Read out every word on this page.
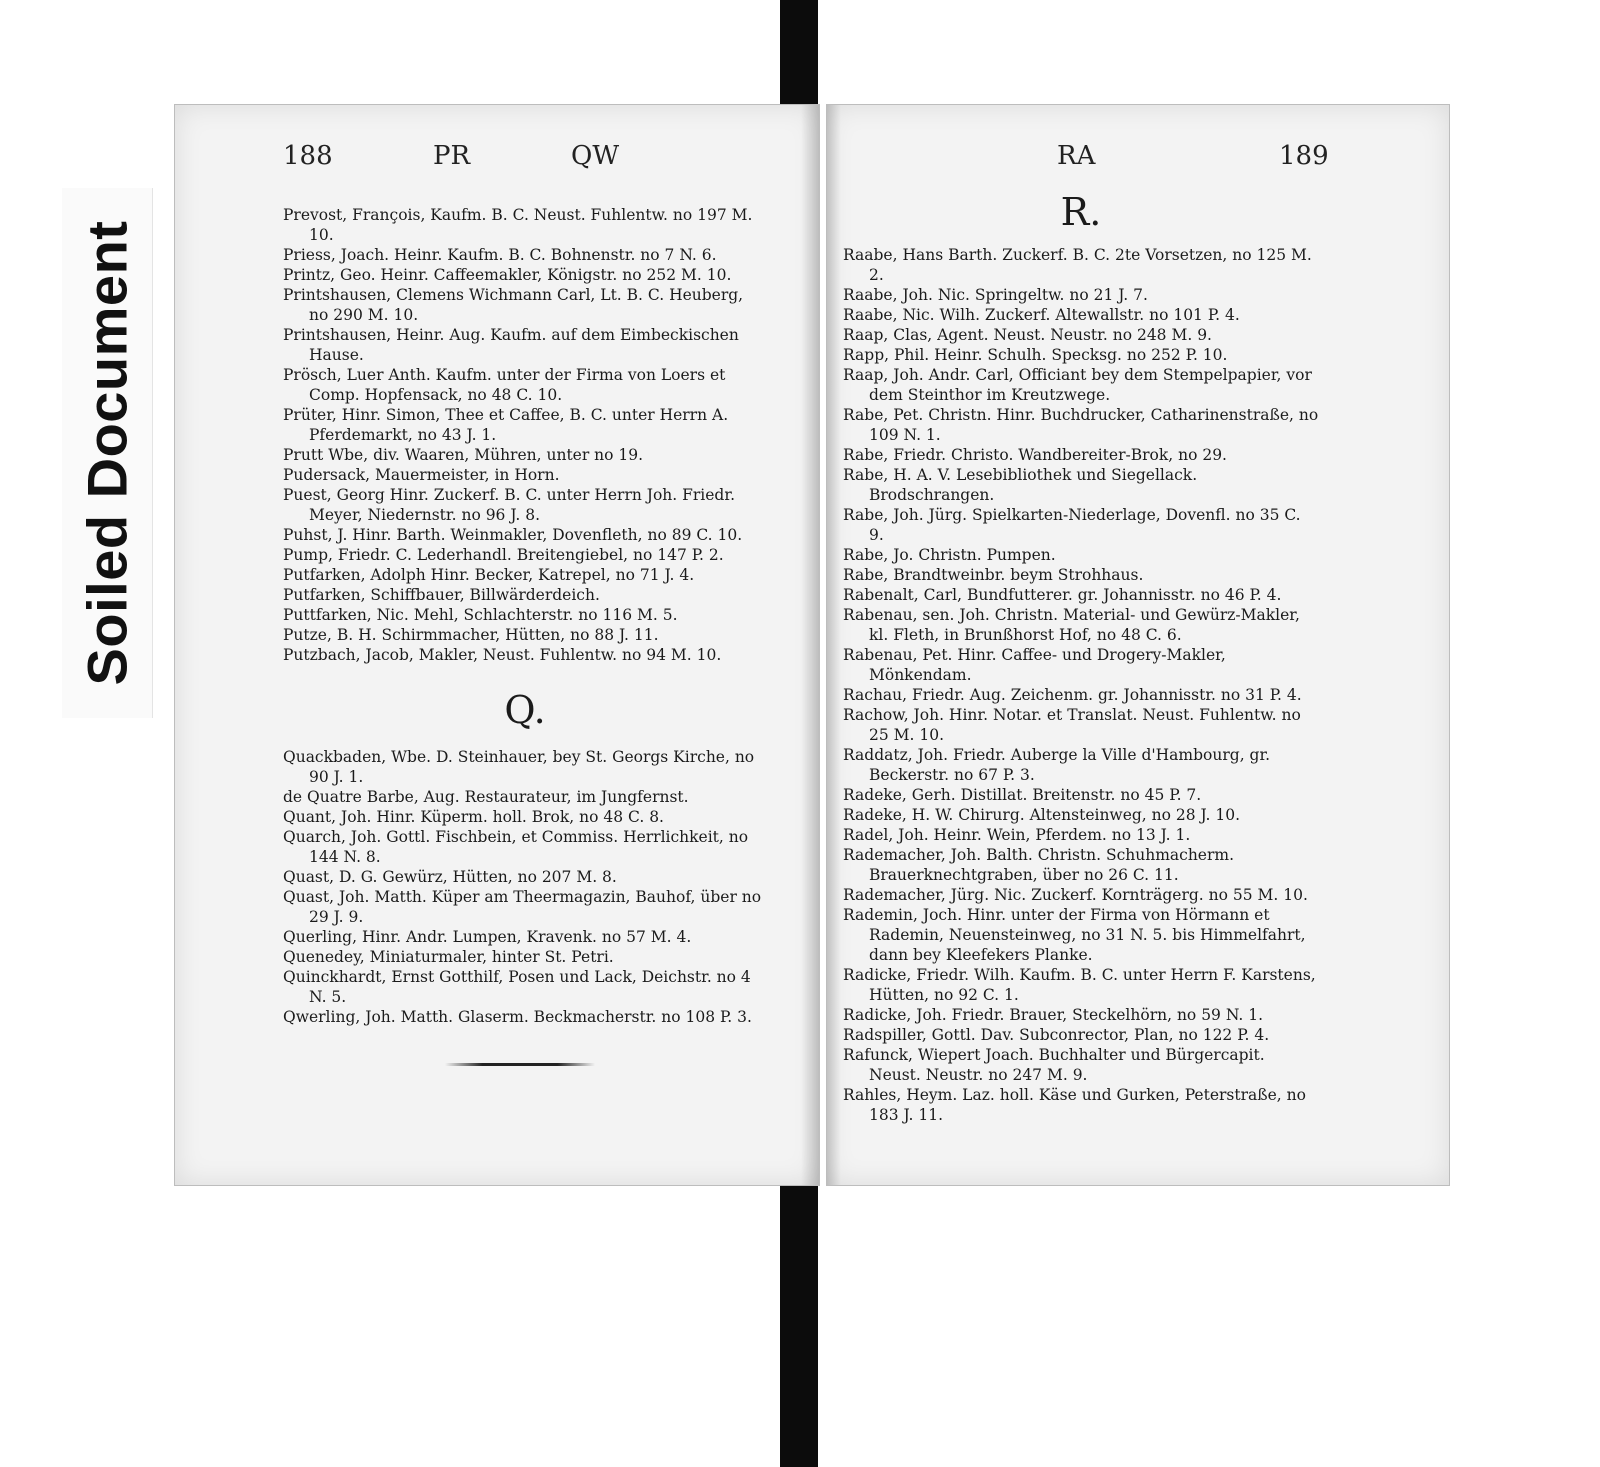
Soiled Document
188	PR	QW
Prevost, François, Kaufm. B. C. Neust. Fuhlentw. no 197 M. 10.
Priess, Joach. Heinr. Kaufm. B. C. Bohnenstr. no 7 N. 6.
Printz, Geo. Heinr. Caffeemakler, Königstr. no 252 M. 10.
Printshausen, Clemens Wichmann Carl, Lt. B. C. Heuberg, no 290 M. 10.
Printshausen, Heinr. Aug. Kaufm. auf dem Eimbeckischen Hause.
Prösch, Luer Anth. Kaufm. unter der Firma von Loers et Comp. Hopfensack, no 48 C. 10.
Prüter, Hinr. Simon, Thee et Caffee, B. C. unter Herrn A. Pferdemarkt, no 43 J. 1.
Prutt Wbe, div. Waaren, Mühren, unter no 19.
Pudersack, Mauermeister, in Horn.
Puest, Georg Hinr. Zuckerf. B. C. unter Herrn Joh. Friedr. Meyer, Niedernstr. no 96 J. 8.
Puhst, J. Hinr. Barth. Weinmakler, Dovenfleth, no 89 C. 10.
Pump, Friedr. C. Lederhandl. Breitengiebel, no 147 P. 2.
Putfarken, Adolph Hinr. Becker, Katrepel, no 71 J. 4.
Putfarken, Schiffbauer, Billwärderdeich.
Puttfarken, Nic. Mehl, Schlachterstr. no 116 M. 5.
Putze, B. H. Schirmmacher, Hütten, no 88 J. 11.
Putzbach, Jacob, Makler, Neust. Fuhlentw. no 94 M. 10.
Q.
Quackbaden, Wbe. D. Steinhauer, bey St. Georgs Kirche, no 90 J. 1.
de Quatre Barbe, Aug. Restaurateur, im Jungfernst.
Quant, Joh. Hinr. Küperm. holl. Brok, no 48 C. 8.
Quarch, Joh. Gottl. Fischbein, et Commiss. Herrlichkeit, no 144 N. 8.
Quast, D. G. Gewürz, Hütten, no 207 M. 8.
Quast, Joh. Matth. Küper am Theermagazin, Bauhof, über no 29 J. 9.
Querling, Hinr. Andr. Lumpen, Kravenk. no 57 M. 4.
Quenedey, Miniaturmaler, hinter St. Petri.
Quinckhardt, Ernst Gotthilf, Posen und Lack, Deichstr. no 4 N. 5.
Qwerling, Joh. Matth. Glaserm. Beckmacherstr. no 108 P. 3.
RA	189
R.
Raabe, Hans Barth. Zuckerf. B. C. 2te Vorsetzen, no 125 M. 2.
Raabe, Joh. Nic. Springeltw. no 21 J. 7.
Raabe, Nic. Wilh. Zuckerf. Altewallstr. no 101 P. 4.
Raap, Clas, Agent. Neust. Neustr. no 248 M. 9.
Rapp, Phil. Heinr. Schulh. Specksg. no 252 P. 10.
Raap, Joh. Andr. Carl, Officiant bey dem Stempelpapier, vor dem Steinthor im Kreutzwege.
Rabe, Pet. Christn. Hinr. Buchdrucker, Catharinenstraße, no 109 N. 1.
Rabe, Friedr. Christo. Wandbereiter-Brok, no 29.
Rabe, H. A. V. Lesebibliothek und Siegellack. Brodschrangen.
Rabe, Joh. Jürg. Spielkarten-Niederlage, Dovenfl. no 35 C. 9.
Rabe, Jo. Christn. Pumpen.
Rabe, Brandtweinbr. beym Strohhaus.
Rabenalt, Carl, Bundfutterer. gr. Johannisstr. no 46 P. 4.
Rabenau, sen. Joh. Christn. Material- und Gewürz-Makler, kl. Fleth, in Brunßhorst Hof, no 48 C. 6.
Rabenau, Pet. Hinr. Caffee- und Drogery-Makler, Mönkendam.
Rachau, Friedr. Aug. Zeichenm. gr. Johannisstr. no 31 P. 4.
Rachow, Joh. Hinr. Notar. et Translat. Neust. Fuhlentw. no 25 M. 10.
Raddatz, Joh. Friedr. Auberge la Ville d'Hambourg, gr. Beckerstr. no 67 P. 3.
Radeke, Gerh. Distillat. Breitenstr. no 45 P. 7.
Radeke, H. W. Chirurg. Altensteinweg, no 28 J. 10.
Radel, Joh. Heinr. Wein, Pferdem. no 13 J. 1.
Rademacher, Joh. Balth. Christn. Schuhmacherm. Brauerknechtgraben, über no 26 C. 11.
Rademacher, Jürg. Nic. Zuckerf. Kornträgerg. no 55 M. 10.
Rademin, Joch. Hinr. unter der Firma von Hörmann et Rademin, Neuensteinweg, no 31 N. 5. bis Himmelfahrt, dann bey Kleefekers Planke.
Radicke, Friedr. Wilh. Kaufm. B. C. unter Herrn F. Karstens, Hütten, no 92 C. 1.
Radicke, Joh. Friedr. Brauer, Steckelhörn, no 59 N. 1.
Radspiller, Gottl. Dav. Subconrector, Plan, no 122 P. 4.
Rafunck, Wiepert Joach. Buchhalter und Bürgercapit. Neust. Neustr. no 247 M. 9.
Rahles, Heym. Laz. holl. Käse und Gurken, Peterstraße, no 183 J. 11.
